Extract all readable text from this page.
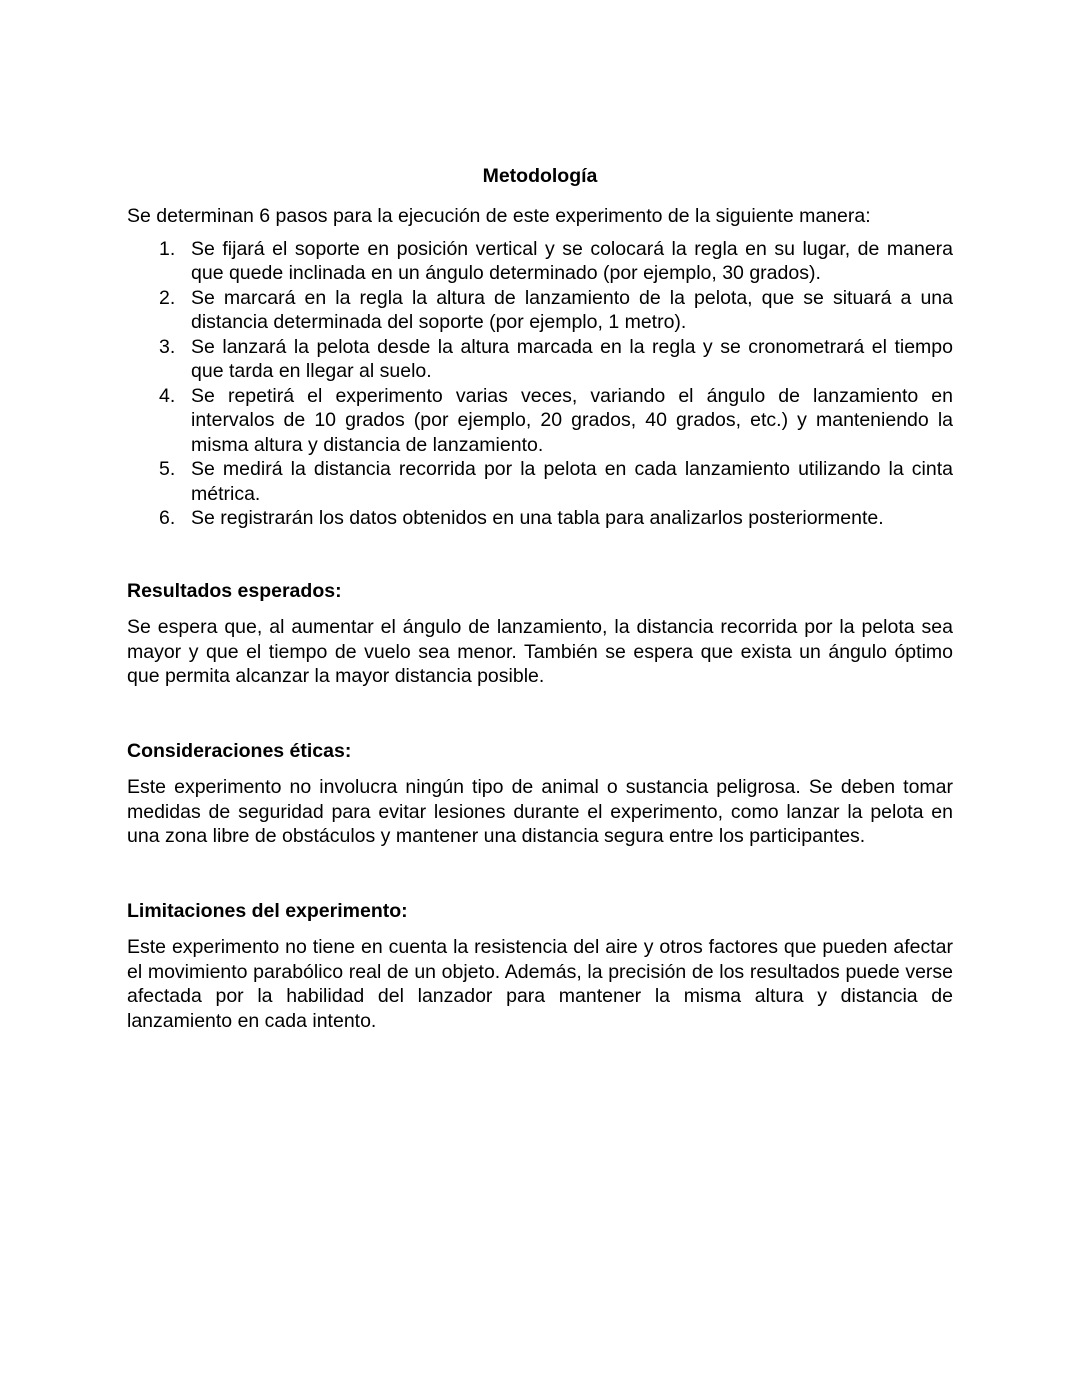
Metodología

Se determinan 6 pasos para la ejecución de este experimento de la siguiente manera:

1. Se fijará el soporte en posición vertical y se colocará la regla en su lugar, de manera que quede inclinada en un ángulo determinado (por ejemplo, 30 grados).
2. Se marcará en la regla la altura de lanzamiento de la pelota, que se situará a una distancia determinada del soporte (por ejemplo, 1 metro).
3. Se lanzará la pelota desde la altura marcada en la regla y se cronometrará el tiempo que tarda en llegar al suelo.
4. Se repetirá el experimento varias veces, variando el ángulo de lanzamiento en intervalos de 10 grados (por ejemplo, 20 grados, 40 grados, etc.) y manteniendo la misma altura y distancia de lanzamiento.
5. Se medirá la distancia recorrida por la pelota en cada lanzamiento utilizando la cinta métrica.
6. Se registrarán los datos obtenidos en una tabla para analizarlos posteriormente.
Resultados esperados:

Se espera que, al aumentar el ángulo de lanzamiento, la distancia recorrida por la pelota sea mayor y que el tiempo de vuelo sea menor. También se espera que exista un ángulo óptimo que permita alcanzar la mayor distancia posible.

Consideraciones éticas:

Este experimento no involucra ningún tipo de animal o sustancia peligrosa. Se deben tomar medidas de seguridad para evitar lesiones durante el experimento, como lanzar la pelota en una zona libre de obstáculos y mantener una distancia segura entre los participantes.

Limitaciones del experimento:

Este experimento no tiene en cuenta la resistencia del aire y otros factores que pueden afectar el movimiento parabólico real de un objeto. Además, la precisión de los resultados puede verse afectada por la habilidad del lanzador para mantener la misma altura y distancia de lanzamiento en cada intento.
